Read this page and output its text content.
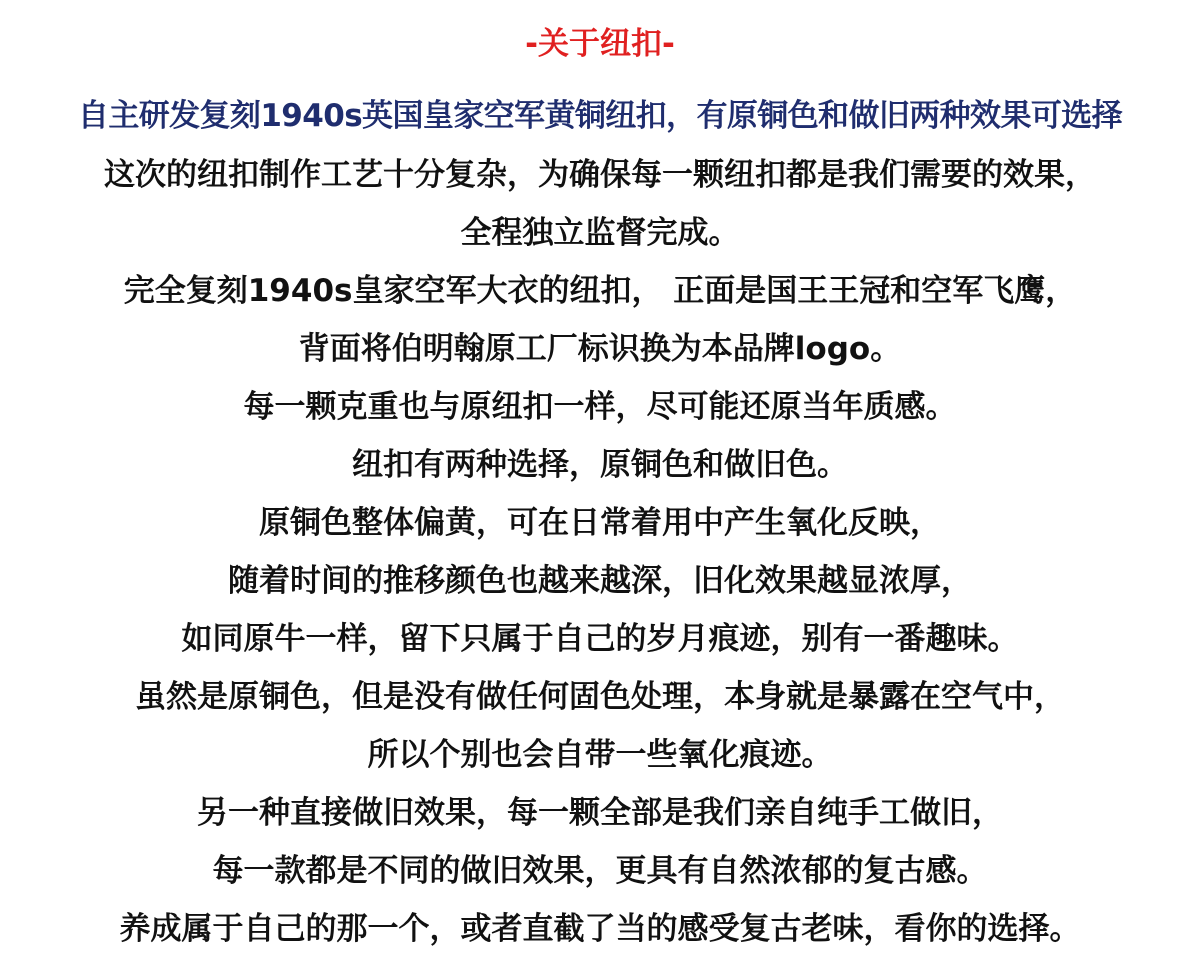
-关于纽扣-
自主研发复刻1940s英国皇家空军黄铜纽扣，有原铜色和做旧两种效果可选择
这次的纽扣制作工艺十分复杂，为确保每一颗纽扣都是我们需要的效果，
全程独立监督完成。
完全复刻1940s皇家空军大衣的纽扣， 正面是国王王冠和空军飞鹰，
背面将伯明翰原工厂标识换为本品牌logo。
每一颗克重也与原纽扣一样，尽可能还原当年质感。
纽扣有两种选择，原铜色和做旧色。
原铜色整体偏黄，可在日常着用中产生氧化反映，
随着时间的推移颜色也越来越深，旧化效果越显浓厚，
如同原牛一样，留下只属于自己的岁月痕迹，别有一番趣味。
虽然是原铜色，但是没有做任何固色处理，本身就是暴露在空气中，
所以个别也会自带一些氧化痕迹。
另一种直接做旧效果，每一颗全部是我们亲自纯手工做旧，
每一款都是不同的做旧效果，更具有自然浓郁的复古感。
养成属于自己的那一个，或者直截了当的感受复古老味，看你的选择。
